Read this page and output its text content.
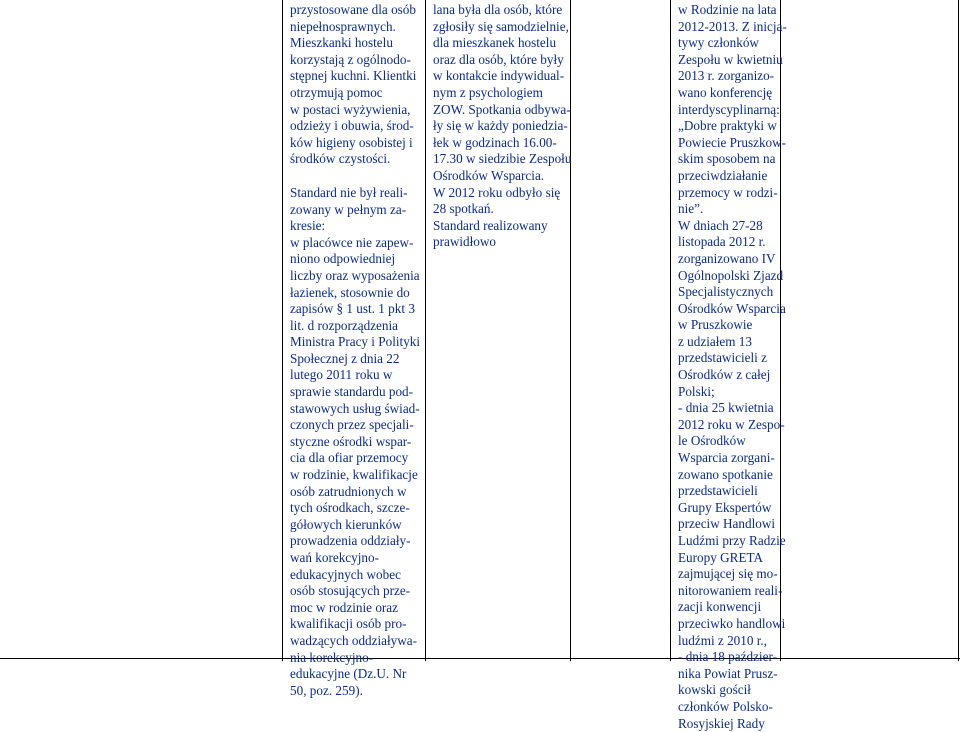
przystosowane dla osób

niepełnosprawnych.

Mieszkanki hostelu

korzystają z ogólnodo-

stępnej kuchni. Klientki

otrzymują pomoc

w postaci wyżywienia,

odzieży i obuwia, środ-

ków higieny osobistej i

środków czystości.

Standard nie był reali-

zowany w pełnym za-

kresie:

w placówce nie zapew-

niono odpowiedniej

liczby oraz wyposażenia

łazienek, stosownie do

zapisów § 1 ust. 1 pkt 3

lit. d rozporządzenia

Ministra Pracy i Polityki

Społecznej z dnia 22

lutego 2011 roku w

sprawie standardu pod-

stawowych usług świad-

czonych przez specjali-

styczne ośrodki wspar-

cia dla ofiar przemocy

w rodzinie, kwalifikacje

osób zatrudnionych w

tych ośrodkach, szcze-

gółowych kierunków

prowadzenia oddziały-

wań korekcyjno-

edukacyjnych wobec

osób stosujących prze-

moc w rodzinie oraz

kwalifikacji osób pro-

wadzących oddziaływa-

nia korekcyjno-

edukacyjne (Dz.U. Nr

50, poz. 259).

lana była dla osób, które

zgłosiły się samodzielnie,

dla mieszkanek hostelu

oraz dla osób, które były

w kontakcie indywidual-

nym z psychologiem

ZOW. Spotkania odbywa-

ły się w każdy poniedzia-

łek w godzinach 16.00-

17.30 w siedzibie Zespołu

Ośrodków Wsparcia.

W 2012 roku odbyło się

28 spotkań.

Standard realizowany

prawidłowo

w Rodzinie na lata

2012-2013. Z inicja-

tywy członków

Zespołu w kwietniu

2013 r. zorganizo-

wano konferencję

interdyscyplinarną:

„Dobre praktyki w

Powiecie Pruszkow-

skim sposobem na

przeciwdziałanie

przemocy w rodzi-

nie”.

W dniach 27-28

listopada 2012 r.

zorganizowano IV

Ogólnopolski Zjazd

Specjalistycznych

Ośrodków Wsparcia

w Pruszkowie

z udziałem 13

przedstawicieli z

Ośrodków z całej

Polski;

- dnia 25 kwietnia

2012 roku w Zespo-

le Ośrodków

Wsparcia zorgani-

zowano spotkanie

przedstawicieli

Grupy Ekspertów

przeciw Handlowi

Ludźmi przy Radzie

Europy GRETA

zajmującej się mo-

nitorowaniem reali-

zacji konwencji

przeciwko handlowi

ludźmi z 2010 r.,

- dnia 18 paździer-

nika Powiat Prusz-

kowski gościł

członków Polsko-

Rosyjskiej Rady
